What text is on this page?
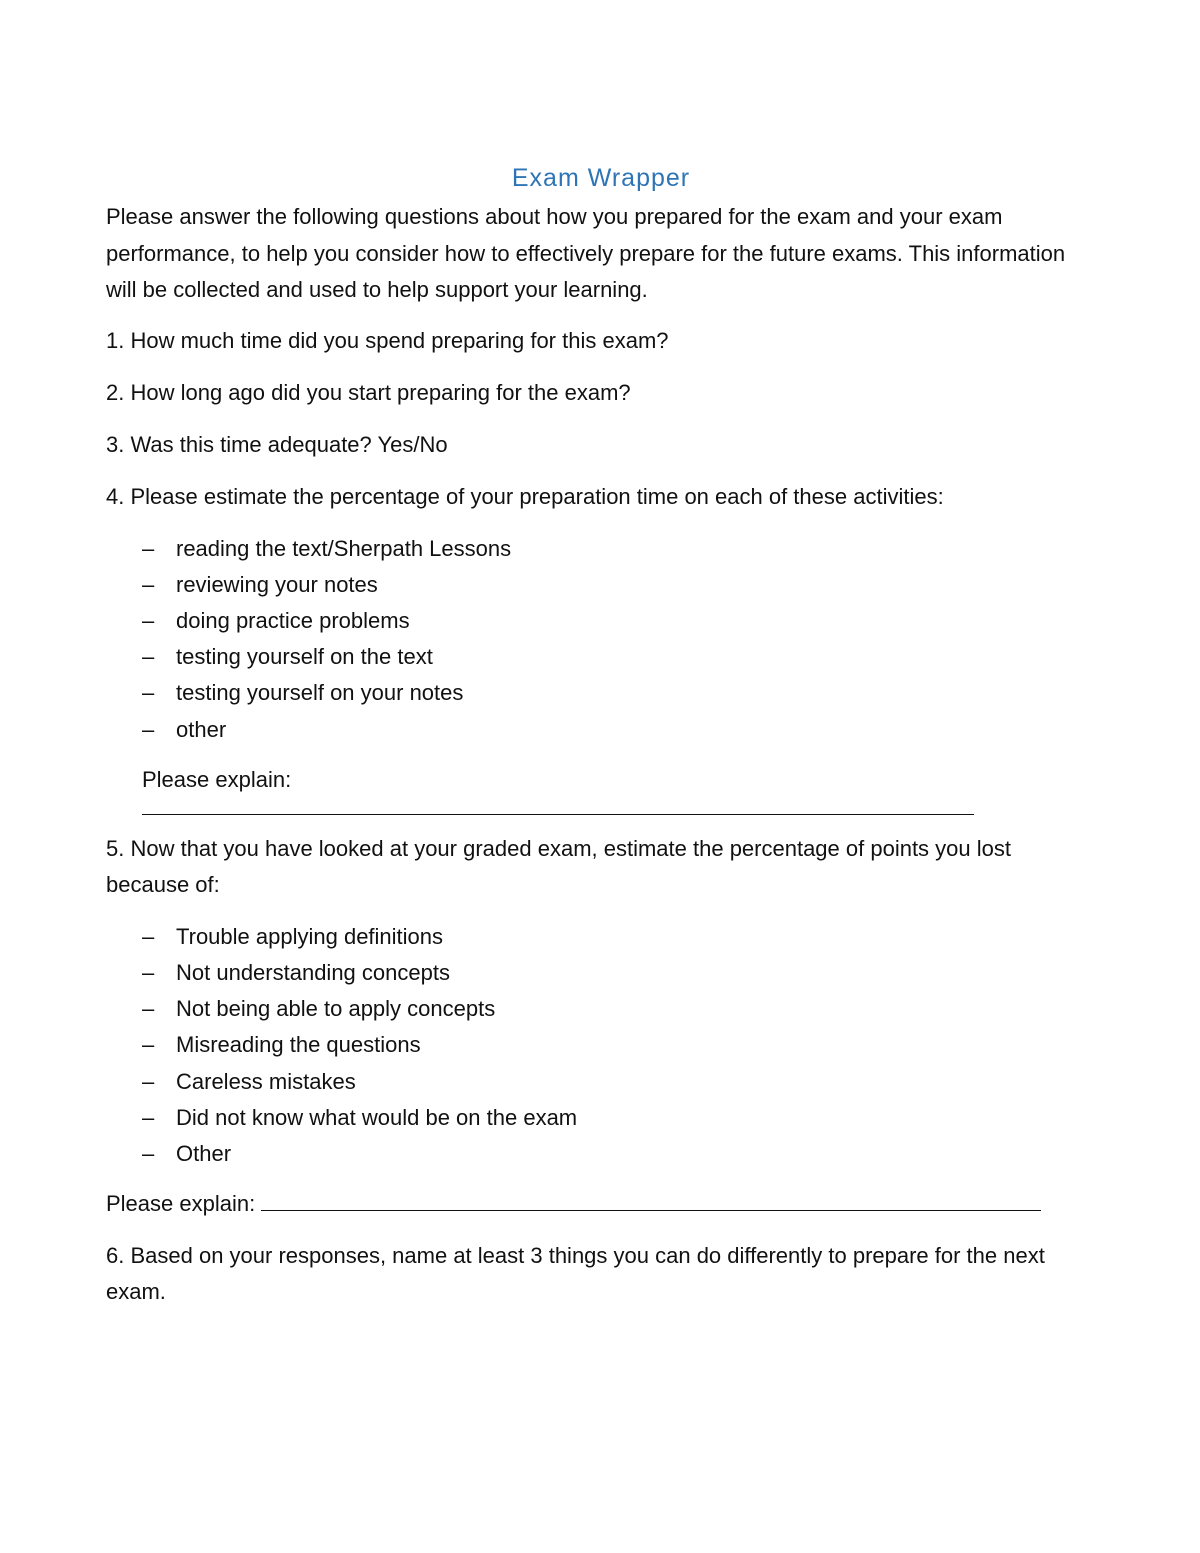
Exam Wrapper

Please answer the following questions about how you prepared for the exam and your exam performance, to help you consider how to effectively prepare for the future exams. This information will be collected and used to help support your learning.

1. How much time did you spend preparing for this exam?

2. How long ago did you start preparing for the exam?

3. Was this time adequate? Yes/No

4. Please estimate the percentage of your preparation time on each of these activities:

– reading the text/Sherpath Lessons
– reviewing your notes
– doing practice problems
– testing yourself on the text
– testing yourself on your notes
– other
Please explain:

5. Now that you have looked at your graded exam, estimate the percentage of points you lost because of:

– Trouble applying definitions
– Not understanding concepts
– Not being able to apply concepts
– Misreading the questions
– Careless mistakes
– Did not know what would be on the exam
– Other
Please explain:

6. Based on your responses, name at least 3 things you can do differently to prepare for the next exam.
